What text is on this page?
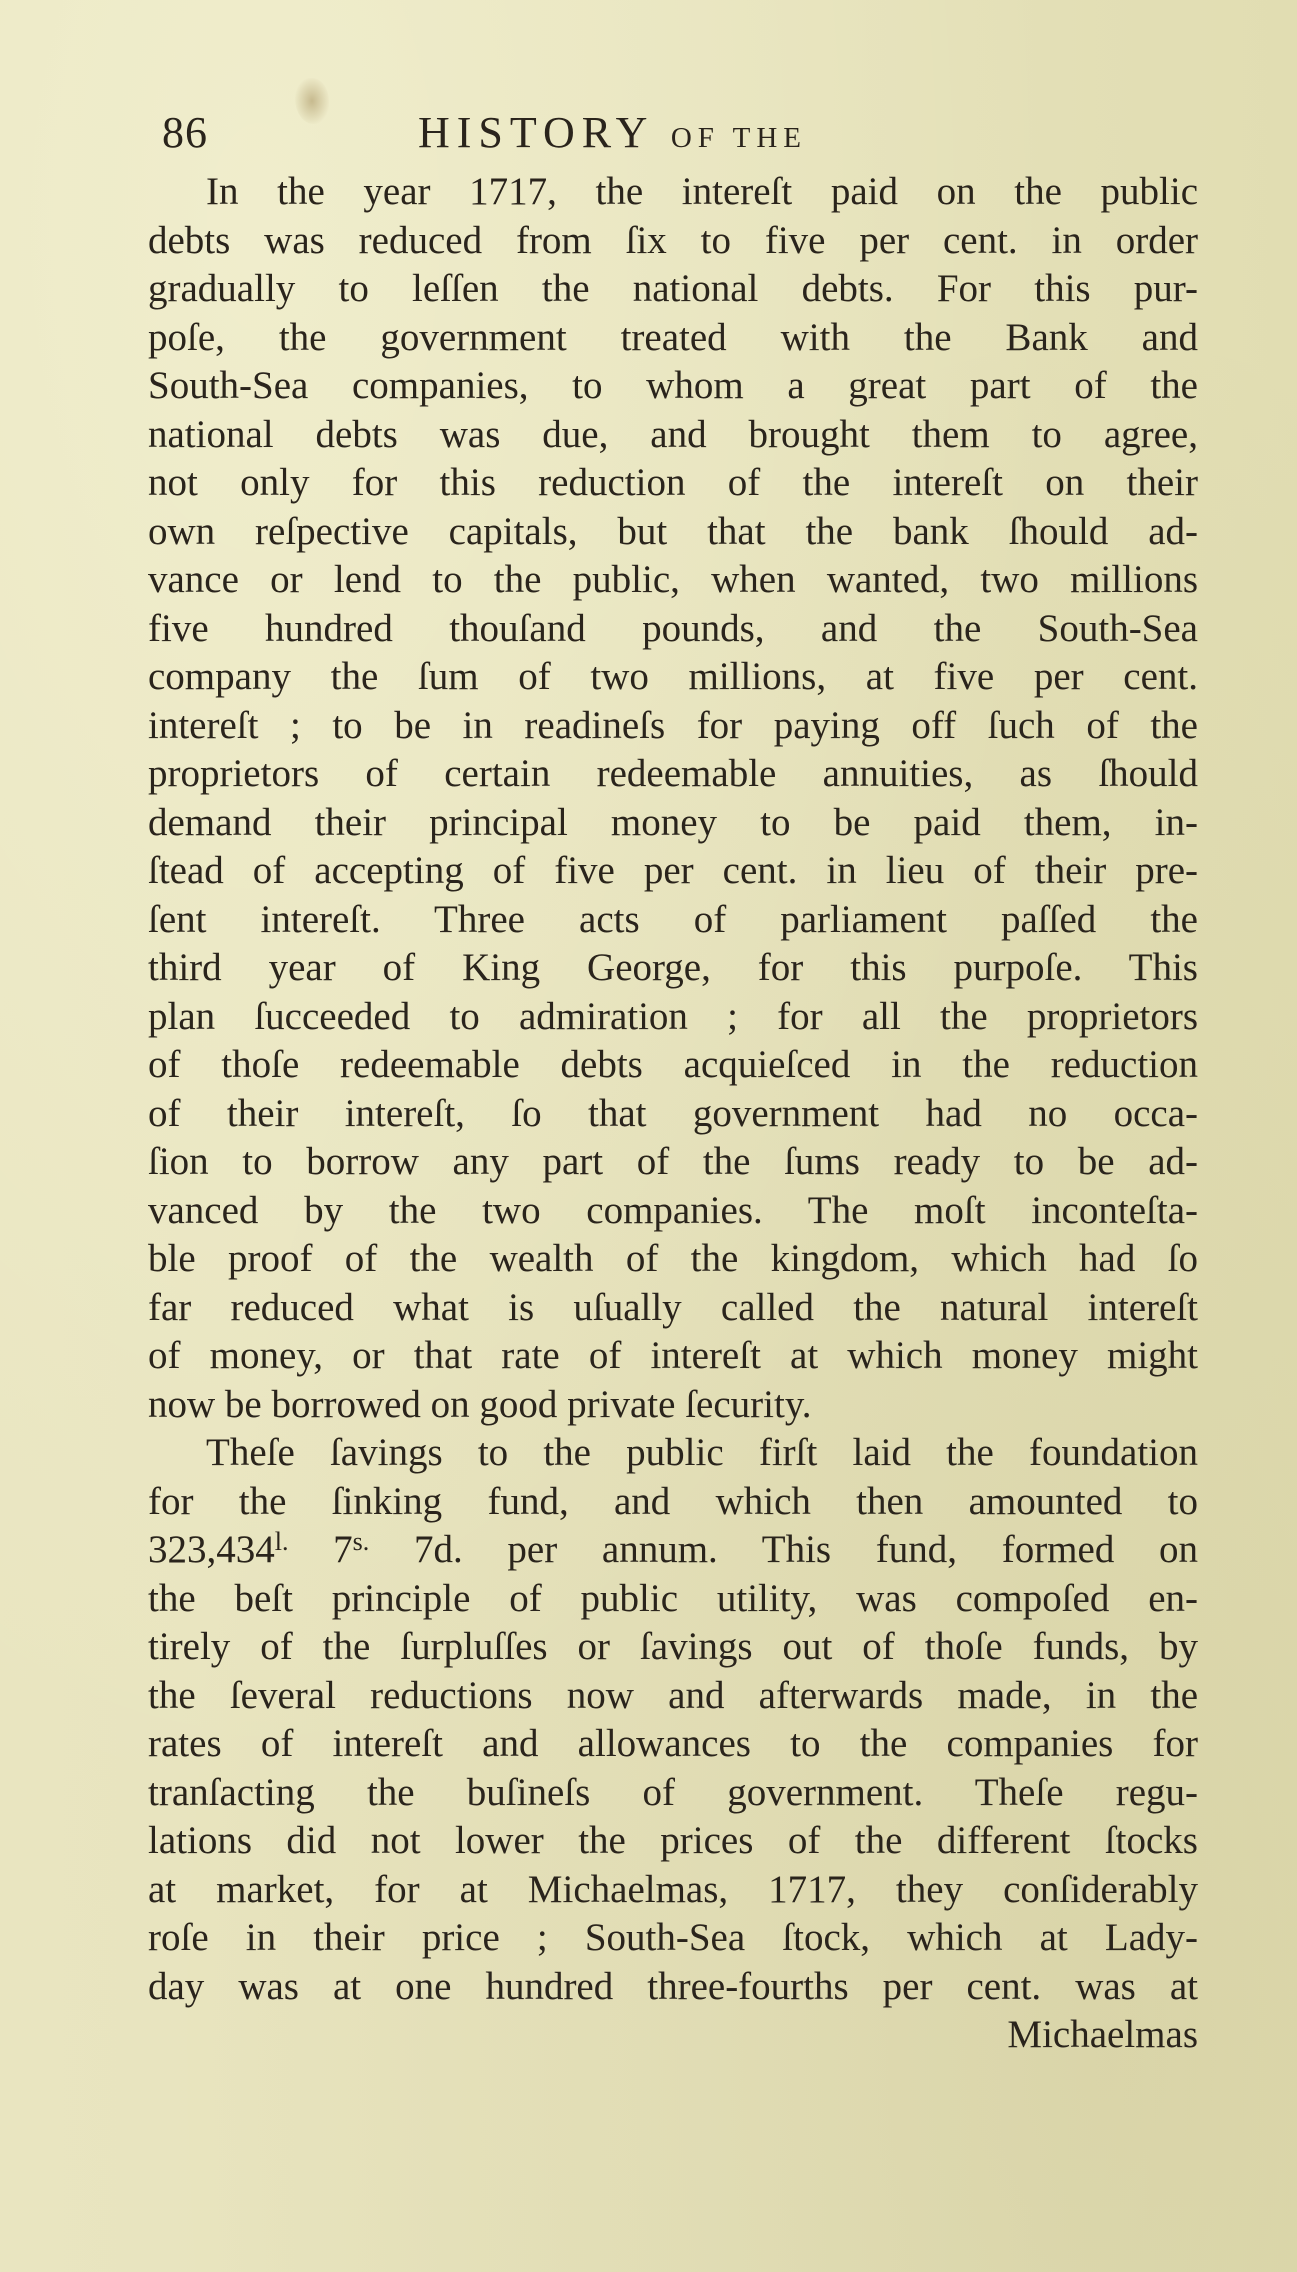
86	HISTORY OF THE
In the year 1717, the intereſt paid on the public
debts was reduced from ſix to five per cent. in order
gradually to leſſen the national debts. For this pur-
poſe, the government treated with the Bank and
South-Sea companies, to whom a great part of the
national debts was due, and brought them to agree,
not only for this reduction of the intereſt on their
own reſpective capitals, but that the bank ſhould ad-
vance or lend to the public, when wanted, two millions
five hundred thouſand pounds, and the South-Sea
company the ſum of two millions, at five per cent.
intereſt ; to be in readineſs for paying off ſuch of the
proprietors of certain redeemable annuities, as ſhould
demand their principal money to be paid them, in-
ſtead of accepting of five per cent. in lieu of their pre-
ſent intereſt. Three acts of parliament paſſed the
third year of King George, for this purpoſe. This
plan ſucceeded to admiration ; for all the proprietors
of thoſe redeemable debts acquieſced in the reduction
of their intereſt, ſo that government had no occa-
ſion to borrow any part of the ſums ready to be ad-
vanced by the two companies. The moſt inconteſta-
ble proof of the wealth of the kingdom, which had ſo
far reduced what is uſually called the natural intereſt
of money, or that rate of intereſt at which money might
now be borrowed on good private ſecurity.
Theſe ſavings to the public firſt laid the foundation
for the ſinking fund, and which then amounted to
$323,434^{l.}$ $7^{s.}$ 7d. per annum. This fund, formed on
the beſt principle of public utility, was compoſed en-
tirely of the ſurpluſſes or ſavings out of thoſe funds, by
the ſeveral reductions now and afterwards made, in the
rates of intereſt and allowances to the companies for
tranſacting the buſineſs of government. Theſe regu-
lations did not lower the prices of the different ſtocks
at market, for at Michaelmas, 1717, they conſiderably
roſe in their price ; South-Sea ſtock, which at Lady-
day was at one hundred three-fourths per cent. was at
Michaelmas
